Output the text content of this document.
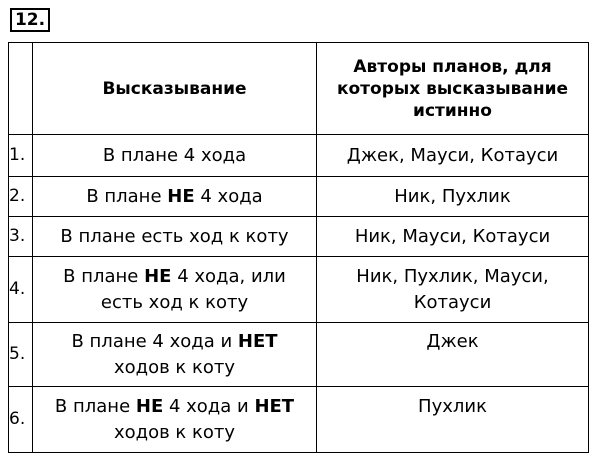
12.
	Высказывание	Авторы планов, для которых высказывание истинно
1.	В плане 4 хода	Джек, Мауси, Котауси
2.	В плане НЕ 4 хода	Ник, Пухлик
3.	В плане есть ход к коту	Ник, Мауси, Котауси
4.	В плане НЕ 4 хода, или
есть ход к коту	Ник, Пухлик, Мауси,
Котауси
5.	В плане 4 хода и НЕТ
ходов к коту	Джек

6.	В плане НЕ 4 хода и НЕТ
ходов к коту	Пухлик
